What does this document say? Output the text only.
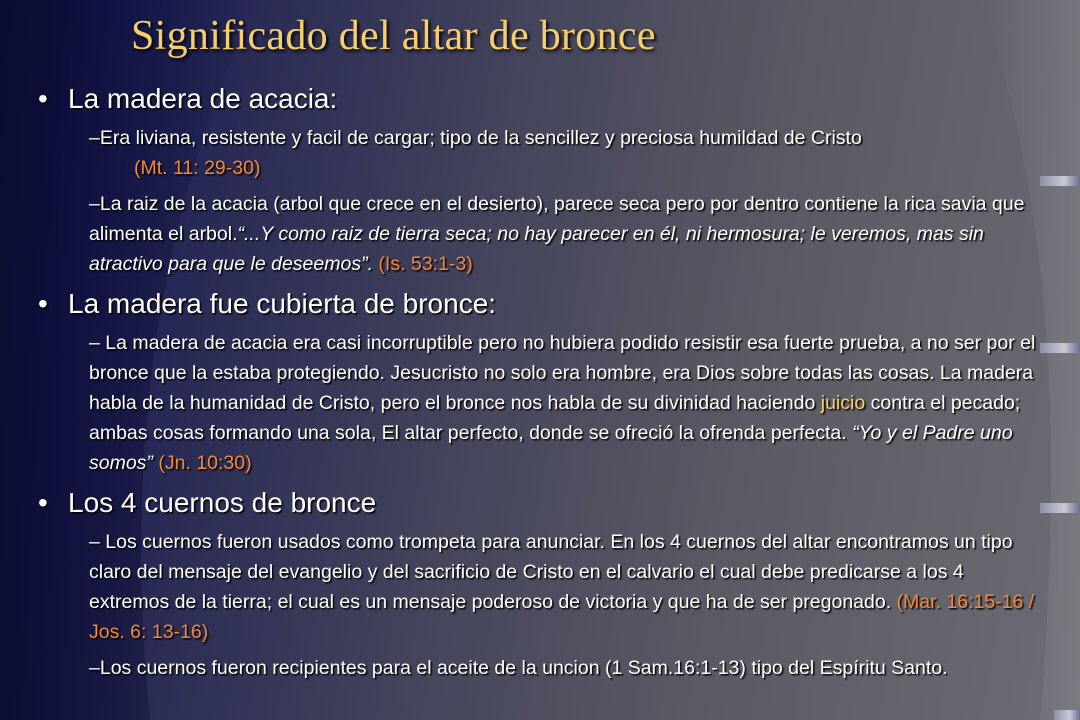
Significado del altar de bronce
• La madera de acacia:
–Era liviana, resistente y facil de cargar; tipo de la sencillez y preciosa humildad de Cristo
(Mt. 11: 29-30)
–La raiz de la acacia (arbol que crece en el desierto), parece seca pero por dentro contiene la rica savia que alimenta el arbol.“...Y como raiz de tierra seca; no hay parecer en él, ni hermosura; le veremos, mas sin atractivo para que le deseemos”. (Is. 53:1-3)
• La madera fue cubierta de bronce:
– La madera de acacia era casi incorruptible pero no hubiera podido resistir esa fuerte prueba, a no ser por el bronce que la estaba protegiendo. Jesucristo no solo era hombre, era Dios sobre todas las cosas. La madera habla de la humanidad de Cristo, pero el bronce nos habla de su divinidad haciendo juicio contra el pecado; ambas cosas formando una sola, El altar perfecto, donde se ofreció la ofrenda perfecta. “Yo y el Padre uno somos” (Jn. 10:30)
• Los 4 cuernos de bronce
– Los cuernos fueron usados como trompeta para anunciar. En los 4 cuernos del altar encontramos un tipo claro del mensaje del evangelio y del sacrificio de Cristo en el calvario el cual debe predicarse a los 4 extremos de la tierra; el cual es un mensaje poderoso de victoria y que ha de ser pregonado. (Mar. 16:15-16 / Jos. 6: 13-16)
–Los cuernos fueron recipientes para el aceite de la uncion (1 Sam.16:1-13) tipo del Espíritu Santo.
